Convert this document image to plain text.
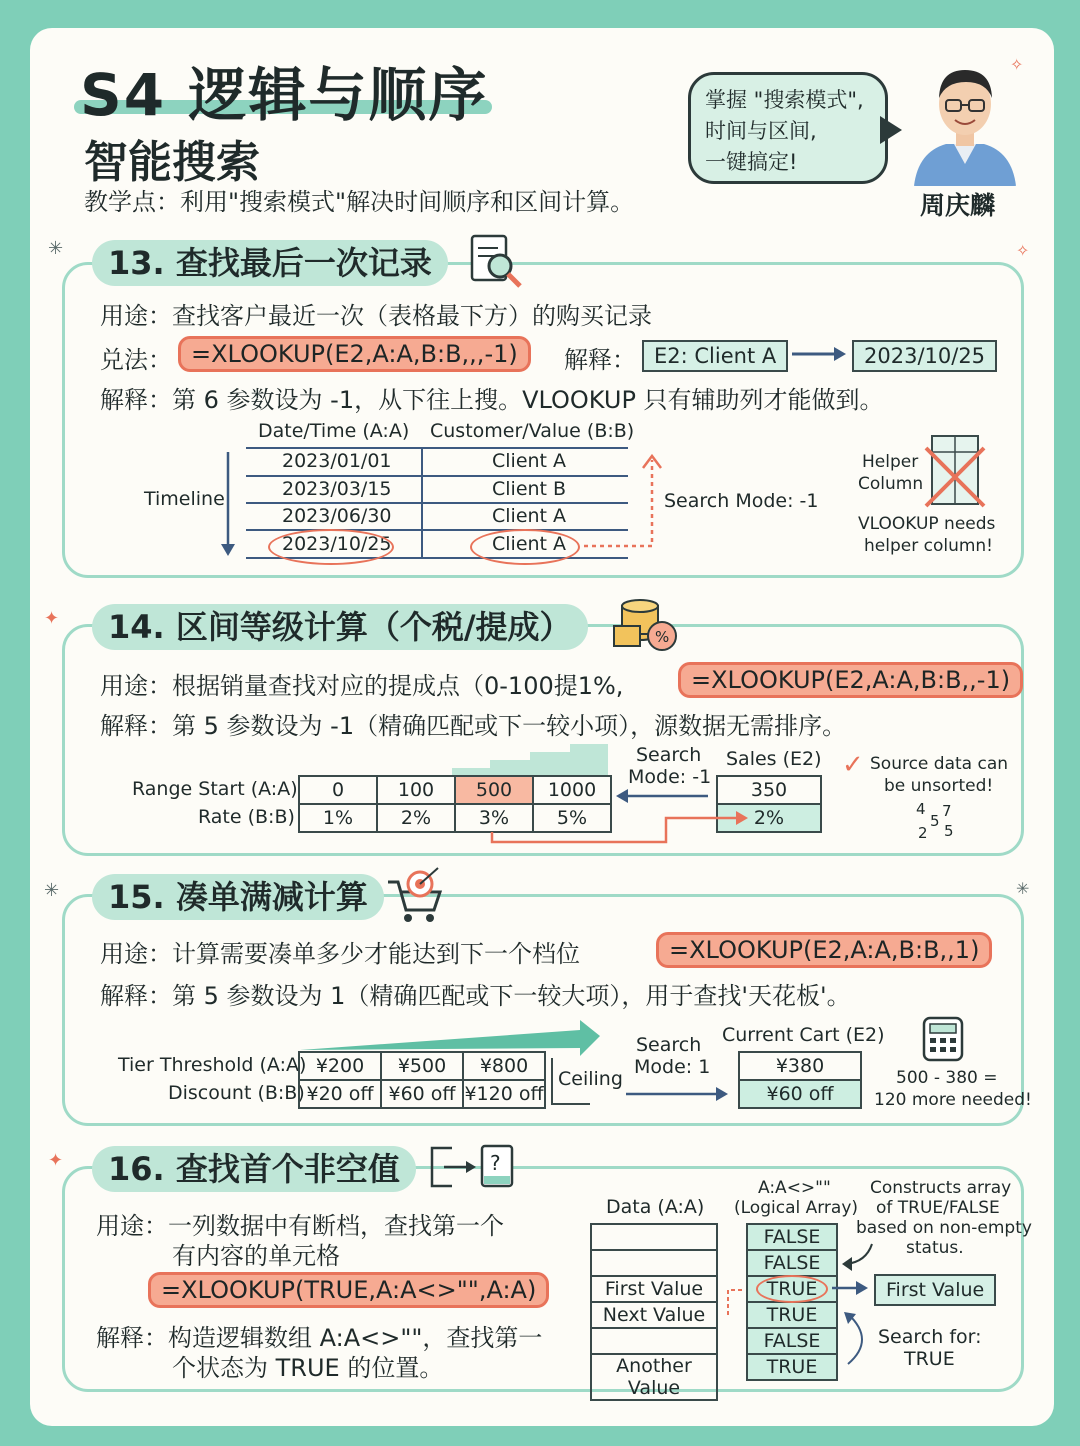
S4 逻辑与顺序
智能搜索
教学点：利用"搜索模式"解决时间顺序和区间计算。
掌握 "搜索模式",
时间与区间,
一键搞定!
周庆麟
13. 查找最后一次记录
用途：查找客户最近一次（表格最下方）的购买记录
兑法： =XLOOKUP(E2,A:A,B:B,,,-1)	解释： E2: Client A	2023/10/25
解释：第 6 参数设为 -1，从下往上搜。VLOOKUP 只有辅助列才能做到。
Date/Time (A:A) Customer/Value (B:B)
2023/01/01	Client A
2023/03/15	Client B
2023/06/30	Client A
2023/10/25	Client A
Timeline	Search Mode: -1
Helper
Column
VLOOKUP needs
helper column!
14. 区间等级计算（个税/提成）	%
用途：根据销量查找对应的提成点（0-100提1%,	=XLOOKUP(E2,A:A,B:B,,-1)
解释：第 5 参数设为 -1（精确匹配或下一较小项），源数据无需排序。
Range Start (A:A)
Rate (B:B)
0	100	500	1000
1%	2%	3%	5%
Search
Mode: -1
Sales (E2)
350
2%
✓ Source data can
be unsorted!
4 7
5
2 5
15. 凑单满减计算
用途：计算需要凑单多少才能达到下一个档位	=XLOOKUP(E2,A:A,B:B,,1)
解释：第 5 参数设为 1（精确匹配或下一较大项），用于查找'天花板'。
Tier Threshold (A:A)
Discount (B:B)
¥200	¥500	¥800
¥20 off	¥60 off	¥120 off
Ceiling
Search
Mode: 1
Current Cart (E2)
¥380
¥60 off
500 - 380 =
120 more needed!
16. 查找首个非空值	?
用途：一列数据中有断档，查找第一个
有内容的单元格
=XLOOKUP(TRUE,A:A<>"",A:A)
解释：构造逻辑数组 A:A<>""，查找第一
个状态为 TRUE 的位置。
Data (A:A)

First Value
Next Value

Another Value
A:A<>""
(Logical Array)
FALSE
FALSE
TRUE
TRUE
FALSE
TRUE
Constructs array
of TRUE/FALSE
based on non-empty
status.
First Value
Search for:
TRUE
✳
✦
✳
✦
✧
✳
✧
